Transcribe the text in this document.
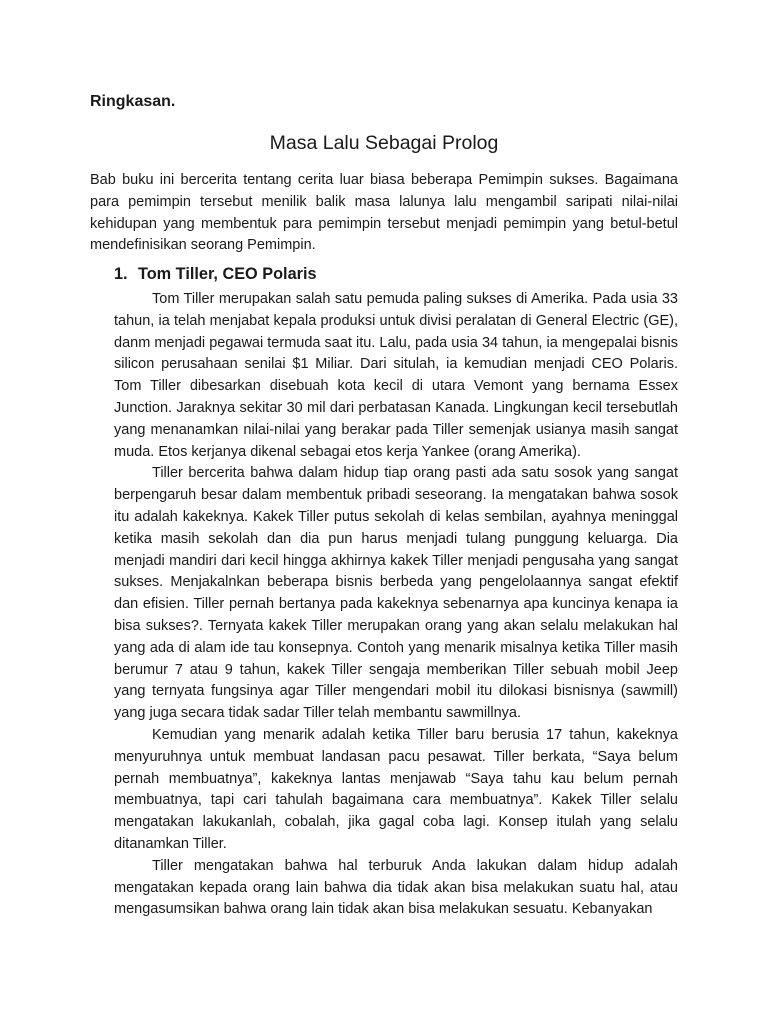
Ringkasan.
Masa Lalu Sebagai Prolog

Bab buku ini bercerita tentang cerita luar biasa beberapa Pemimpin sukses. Bagaimana para pemimpin tersebut menilik balik masa lalunya lalu mengambil saripati nilai-nilai kehidupan yang membentuk para pemimpin tersebut menjadi pemimpin yang betul-betul mendefinisikan seorang Pemimpin.

1. Tom Tiller, CEO Polaris

Tom Tiller merupakan salah satu pemuda paling sukses di Amerika. Pada usia 33 tahun, ia telah menjabat kepala produksi untuk divisi peralatan di General Electric (GE), danm menjadi pegawai termuda saat itu. Lalu, pada usia 34 tahun, ia mengepalai bisnis silicon perusahaan senilai $1 Miliar. Dari situlah, ia kemudian menjadi CEO Polaris. Tom Tiller dibesarkan disebuah kota kecil di utara Vemont yang bernama Essex Junction. Jaraknya sekitar 30 mil dari perbatasan Kanada. Lingkungan kecil tersebutlah yang menanamkan nilai-nilai yang berakar pada Tiller semenjak usianya masih sangat muda. Etos kerjanya dikenal sebagai etos kerja Yankee (orang Amerika).

Tiller bercerita bahwa dalam hidup tiap orang pasti ada satu sosok yang sangat berpengaruh besar dalam membentuk pribadi seseorang. Ia mengatakan bahwa sosok itu adalah kakeknya. Kakek Tiller putus sekolah di kelas sembilan, ayahnya meninggal ketika masih sekolah dan dia pun harus menjadi tulang punggung keluarga. Dia menjadi mandiri dari kecil hingga akhirnya kakek Tiller menjadi pengusaha yang sangat sukses. Menjakalnkan beberapa bisnis berbeda yang pengelolaannya sangat efektif dan efisien. Tiller pernah bertanya pada kakeknya sebenarnya apa kuncinya kenapa ia bisa sukses?. Ternyata kakek Tiller merupakan orang yang akan selalu melakukan hal yang ada di alam ide tau konsepnya. Contoh yang menarik misalnya ketika Tiller masih berumur 7 atau 9 tahun, kakek Tiller sengaja memberikan Tiller sebuah mobil Jeep yang ternyata fungsinya agar Tiller mengendari mobil itu dilokasi bisnisnya (sawmill) yang juga secara tidak sadar Tiller telah membantu sawmillnya.

Kemudian yang menarik adalah ketika Tiller baru berusia 17 tahun, kakeknya menyuruhnya untuk membuat landasan pacu pesawat. Tiller berkata, “Saya belum pernah membuatnya”, kakeknya lantas menjawab “Saya tahu kau belum pernah membuatnya, tapi cari tahulah bagaimana cara membuatnya”. Kakek Tiller selalu mengatakan lakukanlah, cobalah, jika gagal coba lagi. Konsep itulah yang selalu ditanamkan Tiller.

Tiller mengatakan bahwa hal terburuk Anda lakukan dalam hidup adalah mengatakan kepada orang lain bahwa dia tidak akan bisa melakukan suatu hal, atau mengasumsikan bahwa orang lain tidak akan bisa melakukan sesuatu. Kebanyakan
